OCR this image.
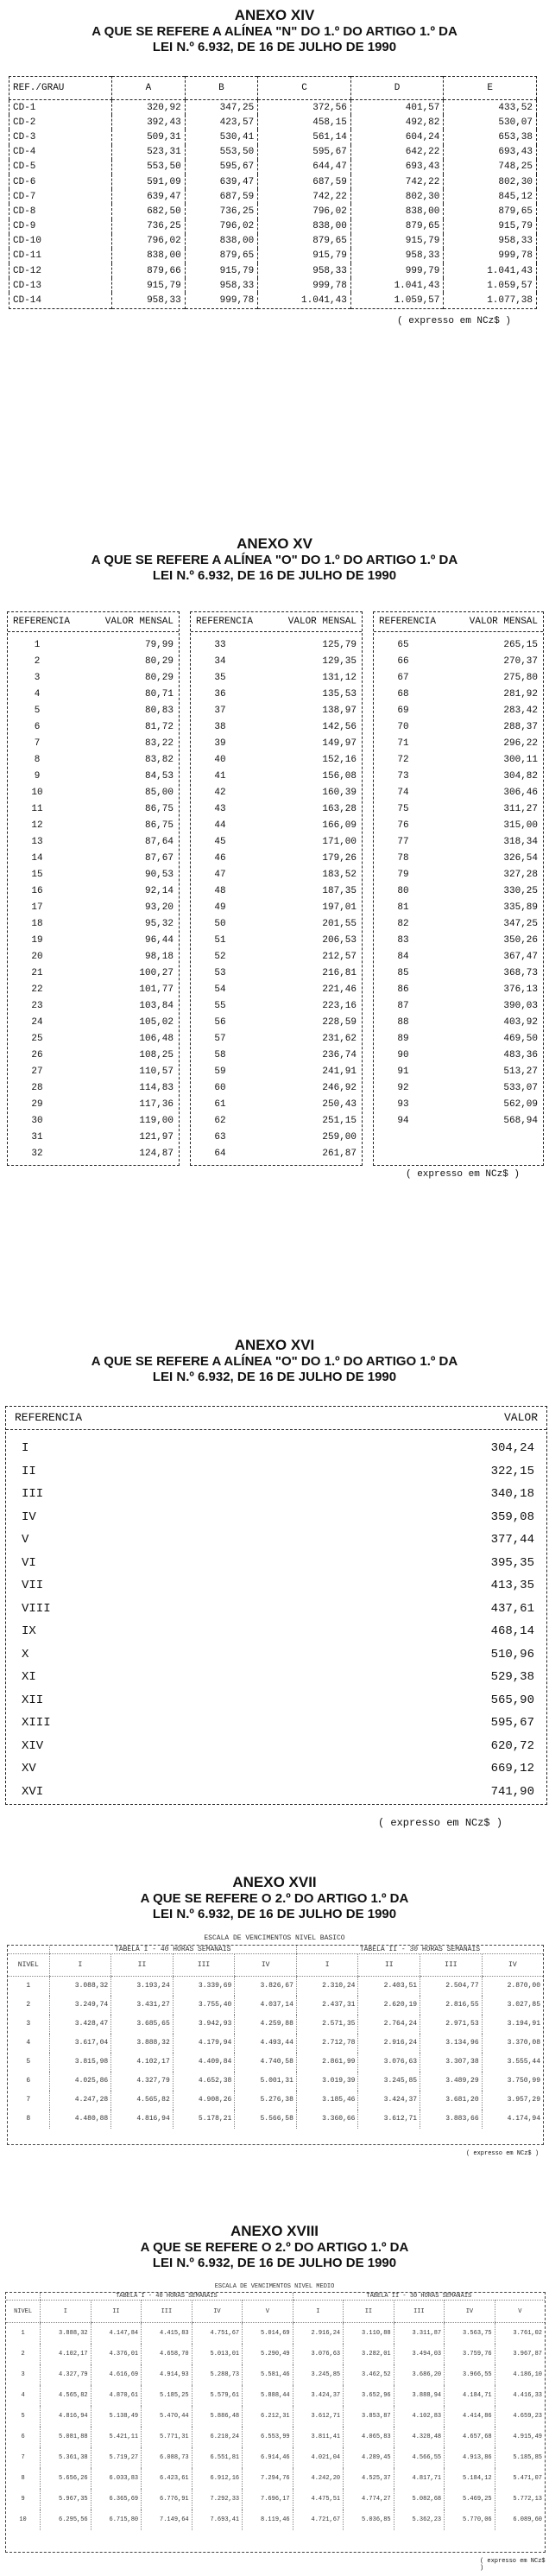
ANEXO XIV
A QUE SE REFERE A ALÍNEA "N" DO 1.º DO ARTIGO 1.º DA
LEI N.º 6.932, DE 16 DE JULHO DE 1990
REF./GRAU	A	B	C	D	E
CD-1	320,92	347,25	372,56	401,57	433,52
CD-2	392,43	423,57	458,15	492,82	530,07
CD-3	509,31	530,41	561,14	604,24	653,38
CD-4	523,31	553,50	595,67	642,22	693,43
CD-5	553,50	595,67	644,47	693,43	748,25
CD-6	591,09	639,47	687,59	742,22	802,30
CD-7	639,47	687,59	742,22	802,30	845,12
CD-8	682,50	736,25	796,02	838,00	879,65
CD-9	736,25	796,02	838,00	879,65	915,79
CD-10	796,02	838,00	879,65	915,79	958,33
CD-11	838,00	879,65	915,79	958,33	999,78
CD-12	879,66	915,79	958,33	999,79	1.041,43
CD-13	915,79	958,33	999,78	1.041,43	1.059,57
CD-14	958,33	999,78	1.041,43	1.059,57	1.077,38
( expresso em NCz$ )
ANEXO XV
A QUE SE REFERE A ALÍNEA "O" DO 1.º DO ARTIGO 1.º DA
LEI N.º 6.932, DE 16 DE JULHO DE 1990
REFERENCIA	VALOR MENSAL
1	79,99
2	80,29
3	80,29
4	80,71
5	80,83
6	81,72
7	83,22
8	83,82
9	84,53
10	85,00
11	86,75
12	86,75
13	87,64
14	87,67
15	90,53
16	92,14
17	93,20
18	95,32
19	96,44
20	98,18
21	100,27
22	101,77
23	103,84
24	105,02
25	106,48
26	108,25
27	110,57
28	114,83
29	117,36
30	119,00
31	121,97
32	124,87
REFERENCIA	VALOR MENSAL
33	125,79
34	129,35
35	131,12
36	135,53
37	138,97
38	142,56
39	149,97
40	152,16
41	156,08
42	160,39
43	163,28
44	166,09
45	171,00
46	179,26
47	183,52
48	187,35
49	197,01
50	201,55
51	206,53
52	212,57
53	216,81
54	221,46
55	223,16
56	228,59
57	231,62
58	236,74
59	241,91
60	246,92
61	250,43
62	251,15
63	259,00
64	261,87
REFERENCIA	VALOR MENSAL
65	265,15
66	270,37
67	275,80
68	281,92
69	283,42
70	288,37
71	296,22
72	300,11
73	304,82
74	306,46
75	311,27
76	315,00
77	318,34
78	326,54
79	327,28
80	330,25
81	335,89
82	347,25
83	350,26
84	367,47
85	368,73
86	376,13
87	390,03
88	403,92
89	469,50
90	483,36
91	513,27
92	533,07
93	562,09
94	568,94
( expresso em NCz$ )
ANEXO XVI
A QUE SE REFERE A ALÍNEA "O" DO 1.º DO ARTIGO 1.º DA
LEI N.º 6.932, DE 16 DE JULHO DE 1990
REFERENCIA	VALOR
I	304,24
II	322,15
III	340,18
IV	359,08
V	377,44
VI	395,35
VII	413,35
VIII	437,61
IX	468,14
X	510,96
XI	529,38
XII	565,90
XIII	595,67
XIV	620,72
XV	669,12
XVI	741,90
( expresso em NCz$ )
ANEXO XVII
A QUE SE REFERE O 2.º DO ARTIGO 1.º DA
LEI N.º 6.932, DE 16 DE JULHO DE 1990
ESCALA DE VENCIMENTOS NIVEL BASICO
	TABELA I - 40 HORAS SEMANAIS				TABELA II - 30 HORAS SEMANAIS			
NIVEL	I	II	III	IV	I	II	III	IV
1	3.088,32	3.193,24	3.339,69	3.826,67	2.310,24	2.403,51	2.504,77	2.870,00
2	3.249,74	3.431,27	3.755,40	4.037,14	2.437,31	2.620,19	2.816,55	3.027,85
3	3.428,47	3.685,65	3.942,93	4.259,88	2.571,35	2.764,24	2.971,53	3.194,91
4	3.617,04	3.888,32	4.179,94	4.493,44	2.712,78	2.916,24	3.134,96	3.370,08
5	3.815,98	4.102,17	4.409,84	4.740,58	2.861,99	3.076,63	3.307,38	3.555,44
6	4.025,86	4.327,79	4.652,38	5.001,31	3.019,39	3.245,85	3.489,29	3.750,99
7	4.247,28	4.565,82	4.908,26	5.276,38	3.185,46	3.424,37	3.681,20	3.957,29
8	4.480,88	4.816,94	5.178,21	5.566,58	3.360,66	3.612,71	3.883,66	4.174,94
( expresso em NCz$ )
ANEXO XVIII
A QUE SE REFERE O 2.º DO ARTIGO 1.º DA
LEI N.º 6.932, DE 16 DE JULHO DE 1990
ESCALA DE VENCIMENTOS NIVEL MEDIO
	TABELA I - 40 HORAS SEMANAIS					TABELA II - 30 HORAS SEMANAIS				
NIVEL	I	II	III	IV	V	I	II	III	IV	V
1	3.888,32	4.147,84	4.415,83	4.751,67	5.014,69	2.916,24	3.110,88	3.311,87	3.563,75	3.761,02
2	4.102,17	4.376,01	4.658,70	5.013,01	5.290,49	3.076,63	3.282,01	3.494,03	3.759,76	3.967,87
3	4.327,79	4.616,69	4.914,93	5.288,73	5.581,46	3.245,85	3.462,52	3.686,20	3.966,55	4.186,10
4	4.565,82	4.870,61	5.185,25	5.579,61	5.888,44	3.424,37	3.652,96	3.888,94	4.184,71	4.416,33
5	4.816,94	5.138,49	5.470,44	5.886,48	6.212,31	3.612,71	3.853,87	4.102,83	4.414,86	4.659,23
6	5.081,88	5.421,11	5.771,31	6.210,24	6.553,99	3.811,41	4.065,83	4.328,48	4.657,68	4.915,49
7	5.361,38	5.719,27	6.088,73	6.551,81	6.914,46	4.021,04	4.289,45	4.566,55	4.913,86	5.185,85
8	5.656,26	6.033,83	6.423,61	6.912,16	7.294,76	4.242,20	4.525,37	4.817,71	5.184,12	5.471,07
9	5.967,35	6.365,69	6.776,91	7.292,33	7.696,17	4.475,51	4.774,27	5.082,68	5.469,25	5.772,13
10	6.295,56	6.715,80	7.149,64	7.693,41	8.119,46	4.721,67	5.036,85	5.362,23	5.770,06	6.089,60
( expresso em NCz$ )
